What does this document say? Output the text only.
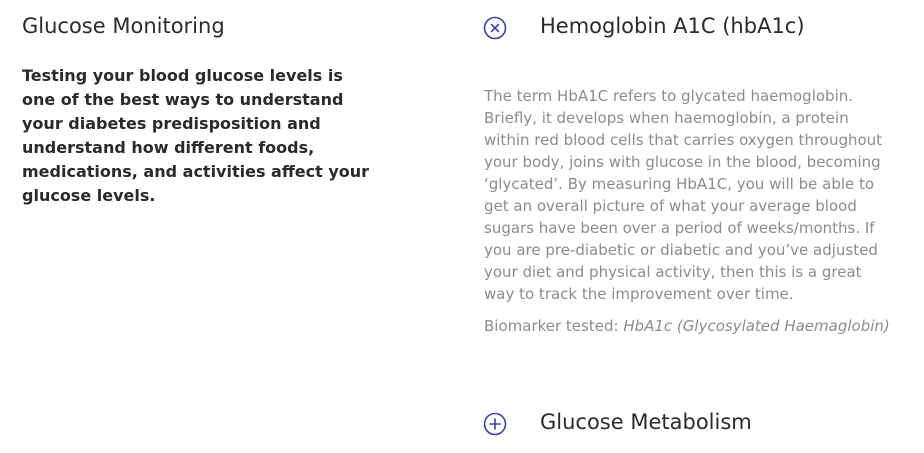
Glucose Monitoring

Testing your blood glucose levels is one of the best ways to understand your diabetes predisposition and understand how different foods, medications, and activities affect your glucose levels.

Hemoglobin A1C (hbA1c)

The term HbA1C refers to glycated haemoglobin. Briefly, it develops when haemoglobin, a protein within red blood cells that carries oxygen throughout your body, joins with glucose in the blood, becoming ‘glycated’. By measuring HbA1C, you will be able to get an overall picture of what your average blood sugars have been over a period of weeks/months. If you are pre-diabetic or diabetic and you’ve adjusted your diet and physical activity, then this is a great way to track the improvement over time.

Biomarker tested: HbA1c (Glycosylated Haemaglobin)

Glucose Metabolism
